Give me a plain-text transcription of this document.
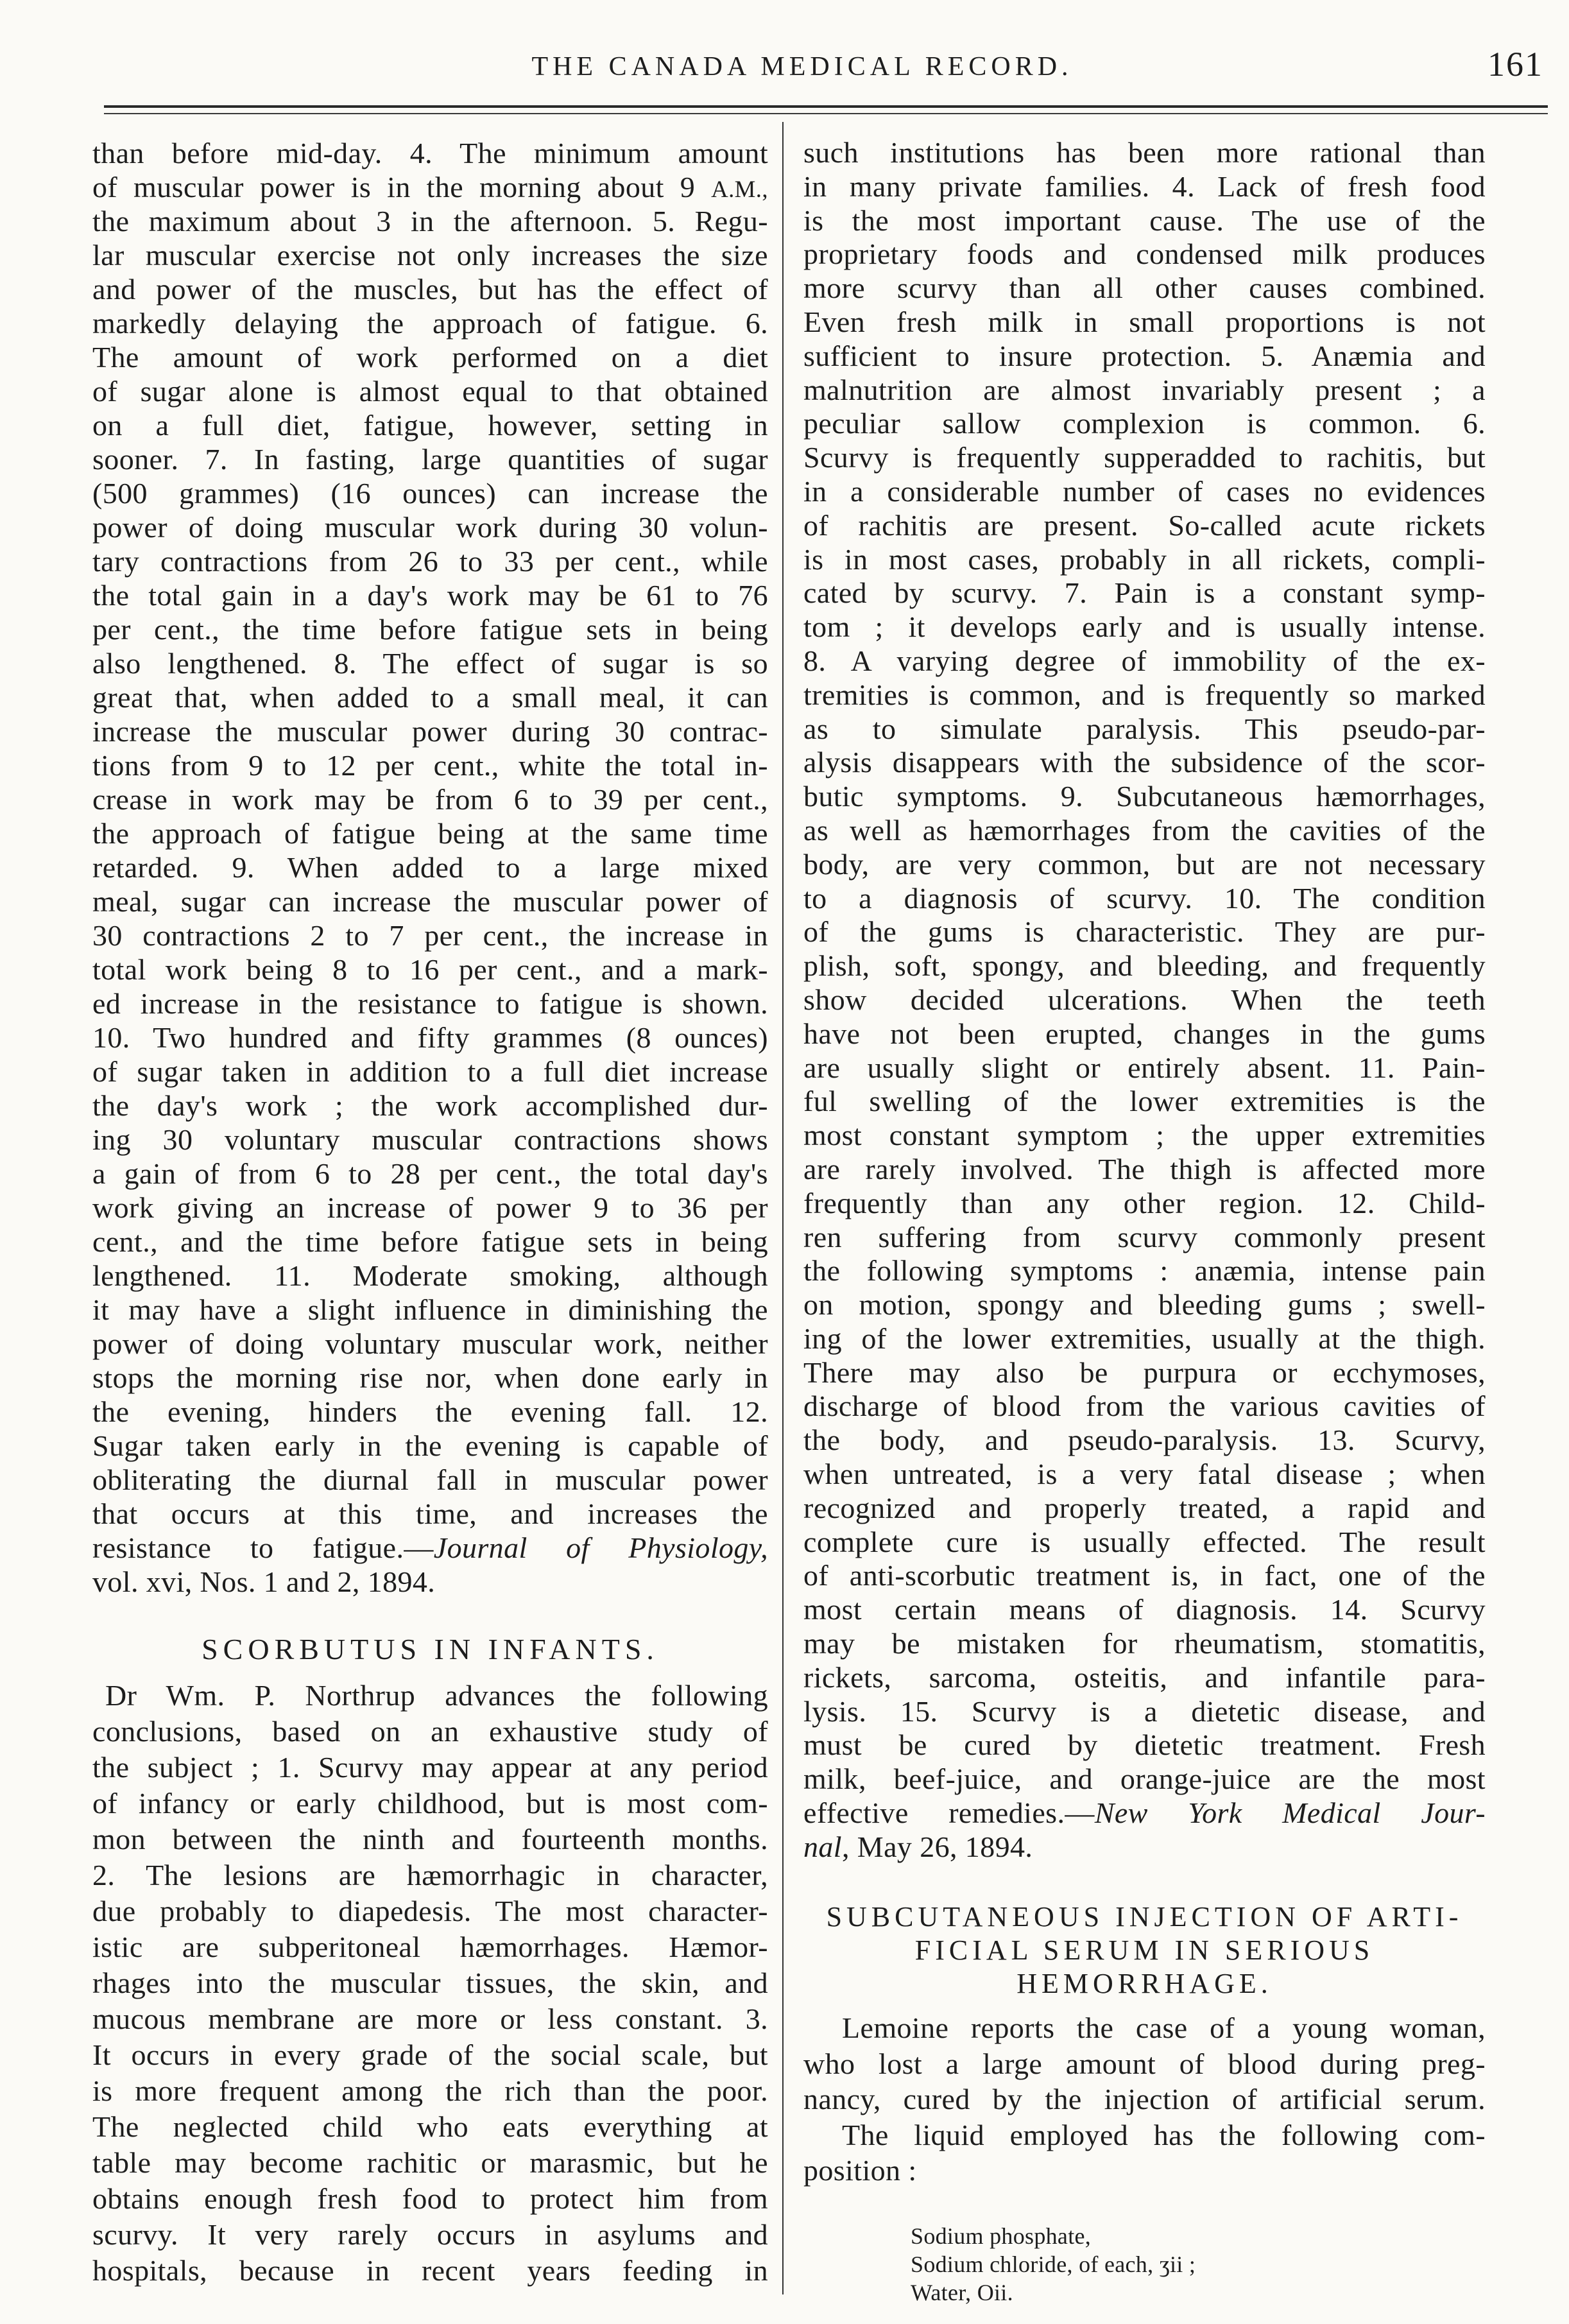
THE CANADA MEDICAL RECORD.	161
than before mid-day. 4. The minimum amount
of muscular power is in the morning about 9 A.M.,
the maximum about 3 in the afternoon. 5. Regu-
lar muscular exercise not only increases the size
and power of the muscles, but has the effect of
markedly delaying the approach of fatigue. 6.
The amount of work performed on a diet
of sugar alone is almost equal to that obtained
on a full diet, fatigue, however, setting in
sooner. 7. In fasting, large quantities of sugar
(500 grammes) (16 ounces) can increase the
power of doing muscular work during 30 volun-
tary contractions from 26 to 33 per cent., while
the total gain in a day's work may be 61 to 76
per cent., the time before fatigue sets in being
also lengthened. 8. The effect of sugar is so
great that, when added to a small meal, it can
increase the muscular power during 30 contrac-
tions from 9 to 12 per cent., white the total in-
crease in work may be from 6 to 39 per cent.,
the approach of fatigue being at the same time
retarded. 9. When added to a large mixed
meal, sugar can increase the muscular power of
30 contractions 2 to 7 per cent., the increase in
total work being 8 to 16 per cent., and a mark-
ed increase in the resistance to fatigue is shown.
10. Two hundred and fifty grammes (8 ounces)
of sugar taken in addition to a full diet increase
the day's work ; the work accomplished dur-
ing 30 voluntary muscular contractions shows
a gain of from 6 to 28 per cent., the total day's
work giving an increase of power 9 to 36 per
cent., and the time before fatigue sets in being
lengthened. 11. Moderate smoking, although
it may have a slight influence in diminishing the
power of doing voluntary muscular work, neither
stops the morning rise nor, when done early in
the evening, hinders the evening fall. 12.
Sugar taken early in the evening is capable of
obliterating the diurnal fall in muscular power
that occurs at this time, and increases the
resistance to fatigue.—Journal of Physiology,
vol. xvi, Nos. 1 and 2, 1894.
SCORBUTUS IN INFANTS.
Dr Wm. P. Northrup advances the following
conclusions, based on an exhaustive study of
the subject ; 1. Scurvy may appear at any period
of infancy or early childhood, but is most com-
mon between the ninth and fourteenth months.
2. The lesions are hæmorrhagic in character,
due probably to diapedesis. The most character-
istic are subperitoneal hæmorrhages. Hæmor-
rhages into the muscular tissues, the skin, and
mucous membrane are more or less constant. 3.
It occurs in every grade of the social scale, but
is more frequent among the rich than the poor.
The neglected child who eats everything at
table may become rachitic or marasmic, but he
obtains enough fresh food to protect him from
scurvy. It very rarely occurs in asylums and
hospitals, because in recent years feeding in
such institutions has been more rational than
in many private families. 4. Lack of fresh food
is the most important cause. The use of the
proprietary foods and condensed milk produces
more scurvy than all other causes combined.
Even fresh milk in small proportions is not
sufficient to insure protection. 5. Anæmia and
malnutrition are almost invariably present ; a
peculiar sallow complexion is common. 6.
Scurvy is frequently supperadded to rachitis, but
in a considerable number of cases no evidences
of rachitis are present. So-called acute rickets
is in most cases, probably in all rickets, compli-
cated by scurvy. 7. Pain is a constant symp-
tom ; it develops early and is usually intense.
8. A varying degree of immobility of the ex-
tremities is common, and is frequently so marked
as to simulate paralysis. This pseudo-par-
alysis disappears with the subsidence of the scor-
butic symptoms. 9. Subcutaneous hæmorrhages,
as well as hæmorrhages from the cavities of the
body, are very common, but are not necessary
to a diagnosis of scurvy. 10. The condition
of the gums is characteristic. They are pur-
plish, soft, spongy, and bleeding, and frequently
show decided ulcerations. When the teeth
have not been erupted, changes in the gums
are usually slight or entirely absent. 11. Pain-
ful swelling of the lower extremities is the
most constant symptom ; the upper extremities
are rarely involved. The thigh is affected more
frequently than any other region. 12. Child-
ren suffering from scurvy commonly present
the following symptoms : anæmia, intense pain
on motion, spongy and bleeding gums ; swell-
ing of the lower extremities, usually at the thigh.
There may also be purpura or ecchymoses,
discharge of blood from the various cavities of
the body, and pseudo-paralysis. 13. Scurvy,
when untreated, is a very fatal disease ; when
recognized and properly treated, a rapid and
complete cure is usually effected. The result
of anti-scorbutic treatment is, in fact, one of the
most certain means of diagnosis. 14. Scurvy
may be mistaken for rheumatism, stomatitis,
rickets, sarcoma, osteitis, and infantile para-
lysis. 15. Scurvy is a dietetic disease, and
must be cured by dietetic treatment. Fresh
milk, beef-juice, and orange-juice are the most
effective remedies.—New York Medical Jour-
nal, May 26, 1894.
SUBCUTANEOUS INJECTION OF ARTI-
FICIAL SERUM IN SERIOUS
HEMORRHAGE.
Lemoine reports the case of a young woman,
who lost a large amount of blood during preg-
nancy, cured by the injection of artificial serum.
The liquid employed has the following com-
position :
Sodium phosphate,
Sodium chloride, of each, ʒii ;
Water, Oii.
